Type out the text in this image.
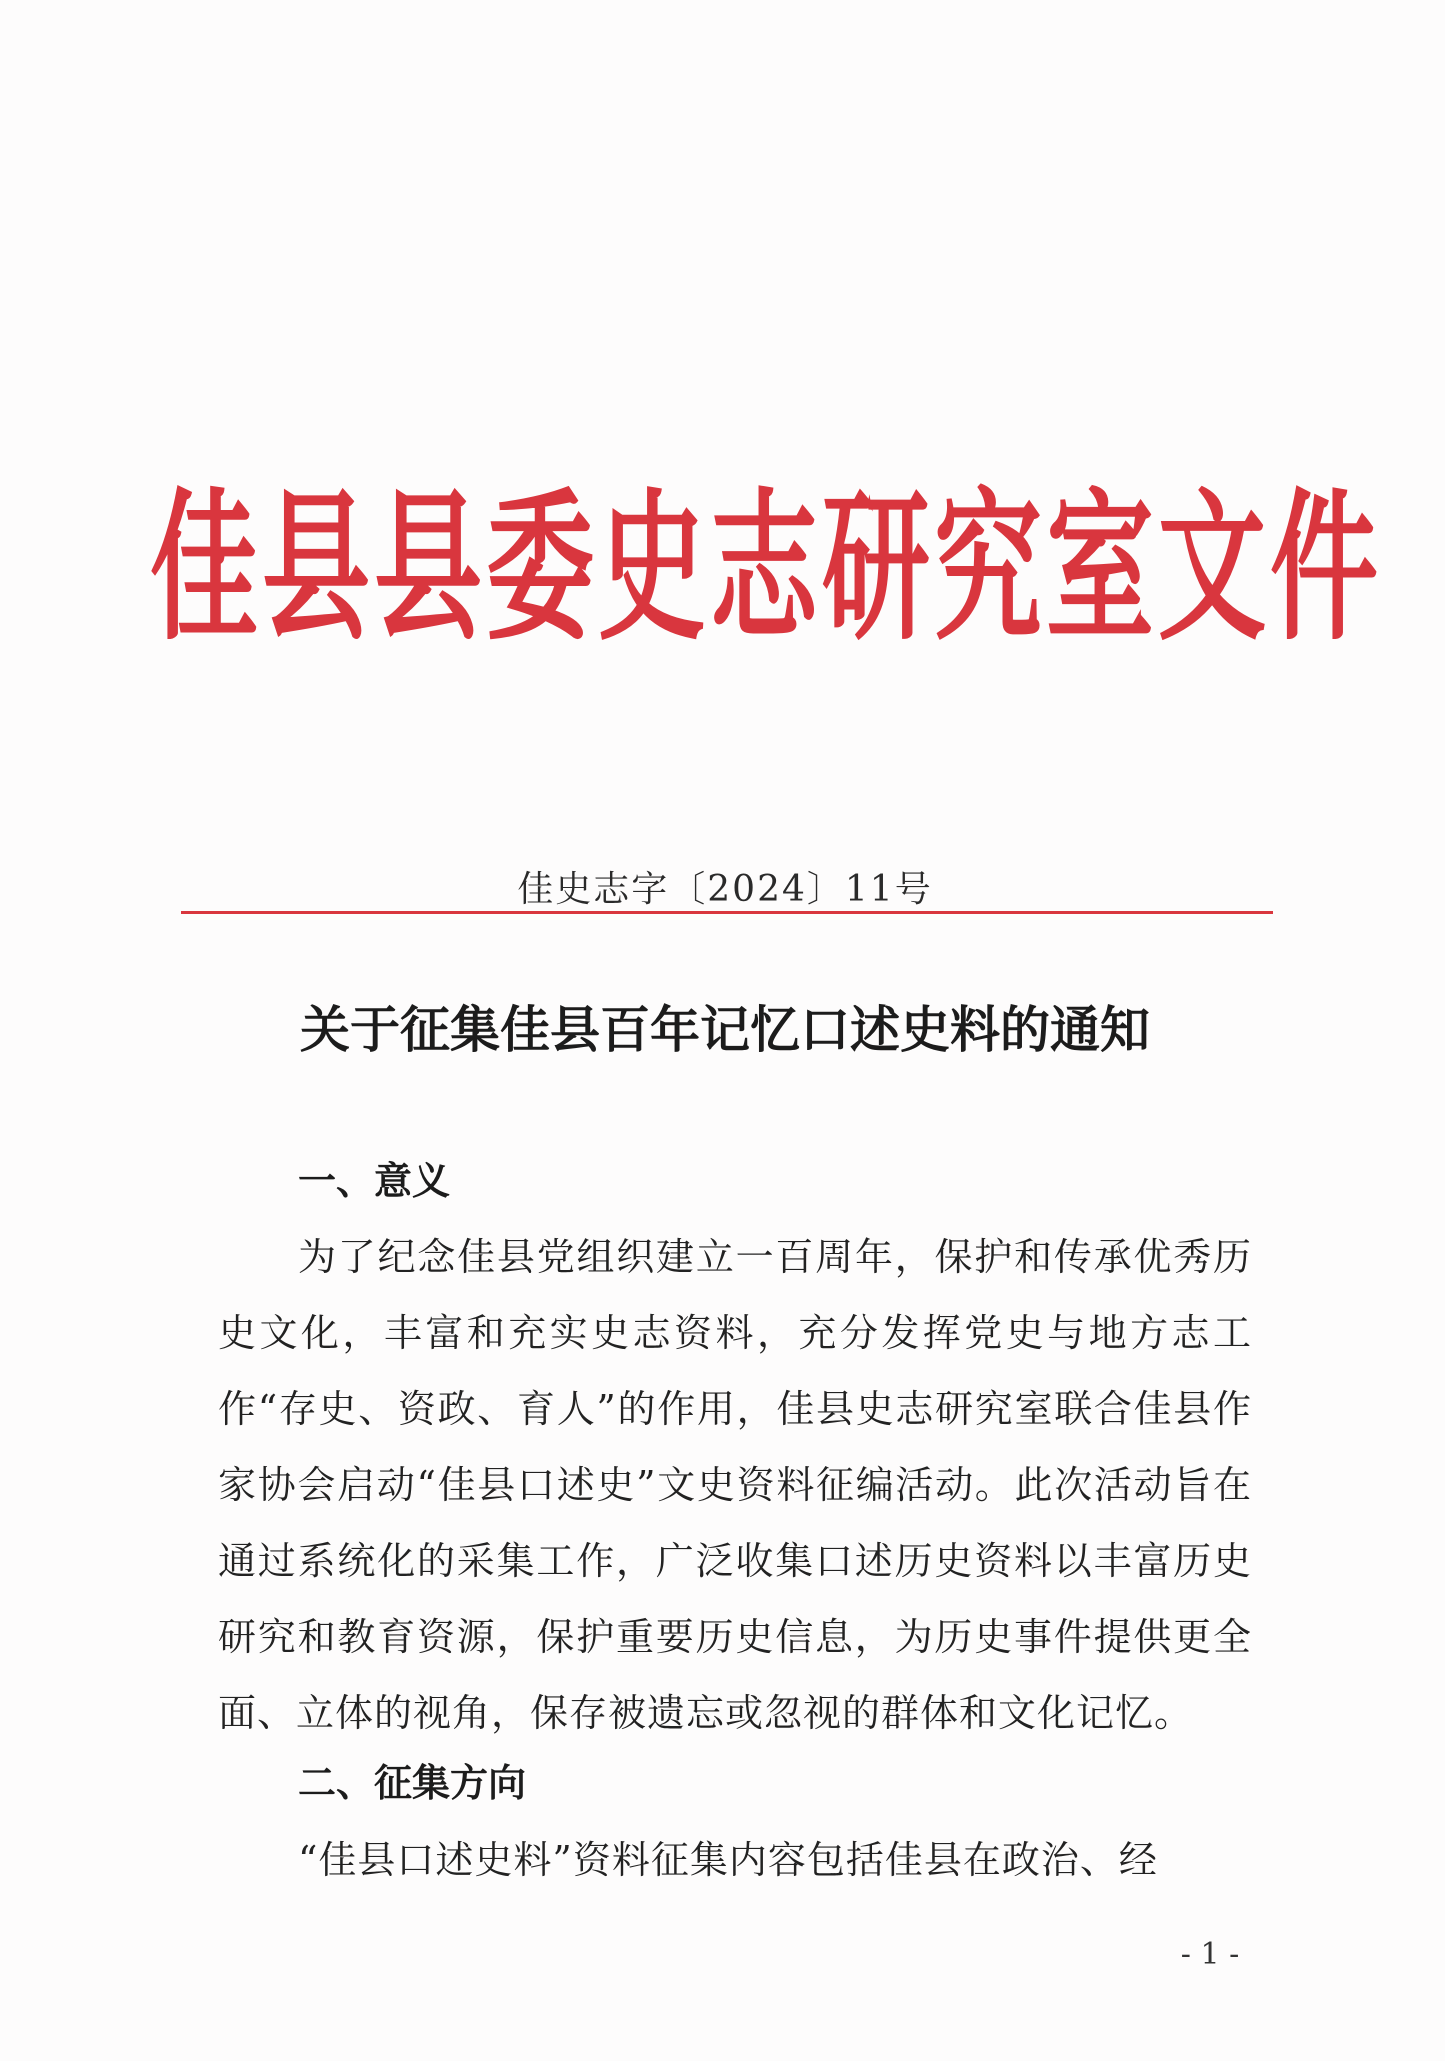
佳县县委史志研究室文件
佳史志字〔2024〕11号
关于征集佳县百年记忆口述史料的通知
一、意义

为了纪念佳县党组织建立一百周年，保护和传承优秀历史文化，丰富和充实史志资料，充分发挥党史与地方志工作“存史、资政、育人”的作用，佳县史志研究室联合佳县作家协会启动“佳县口述史”文史资料征编活动。此次活动旨在通过系统化的采集工作，广泛收集口述历史资料以丰富历史研究和教育资源，保护重要历史信息，为历史事件提供更全面、立体的视角，保存被遗忘或忽视的群体和文化记忆。

二、征集方向

“佳县口述史料”资料征集内容包括佳县在政治、经

- 1 -
